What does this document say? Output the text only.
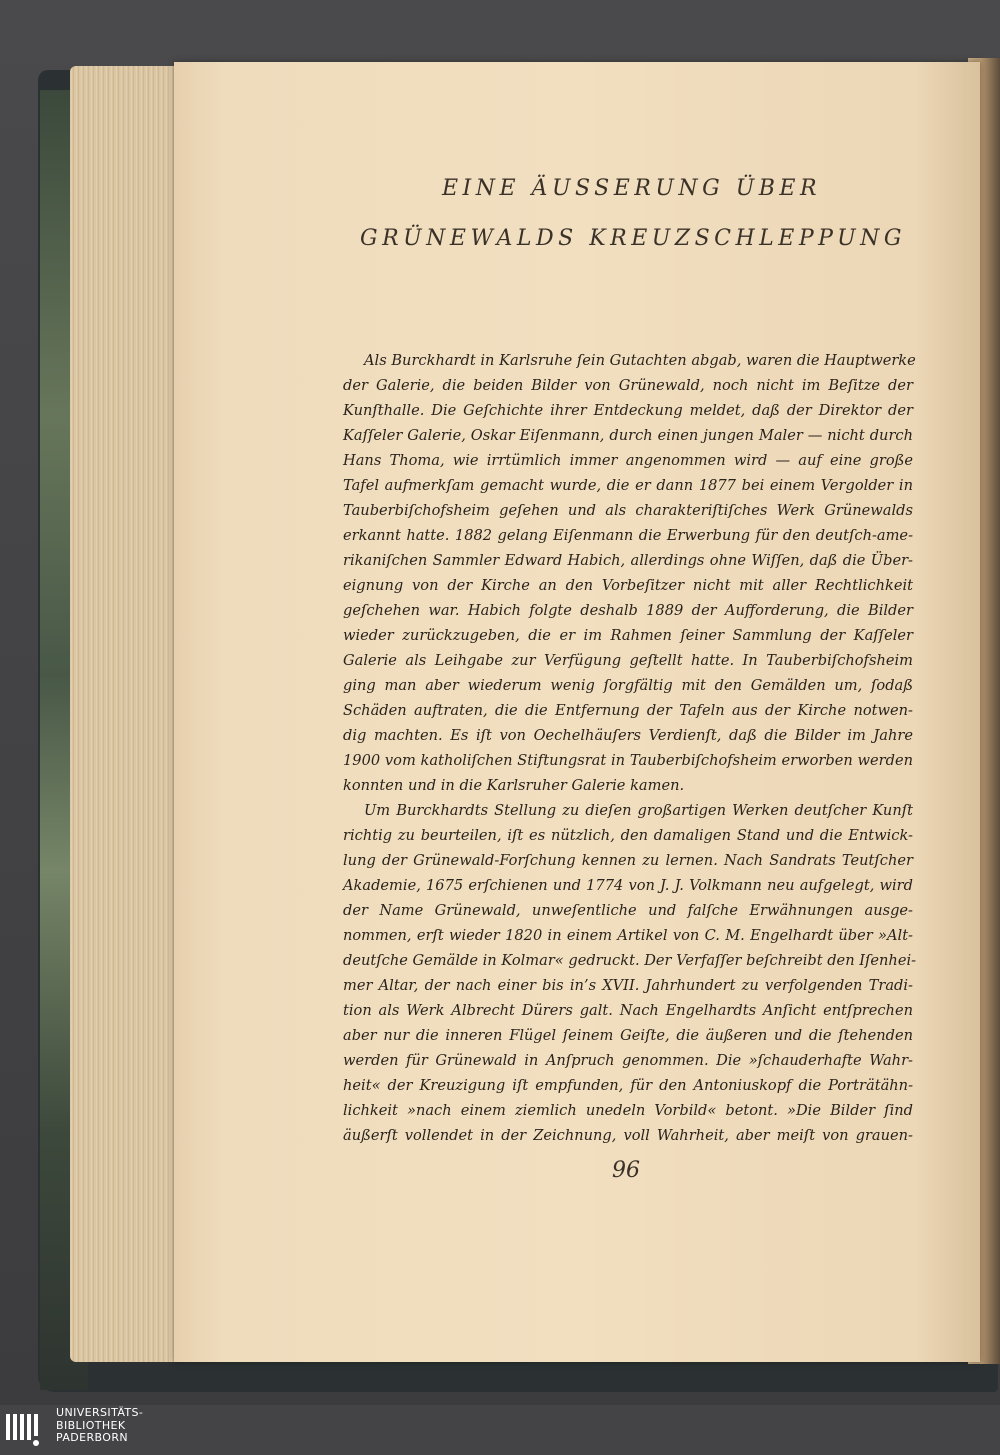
EINE ÄUSSERUNG ÜBER
GRÜNEWALDS KREUZSCHLEPPUNG
Als Burckhardt in Karlsruhe ſein Gutachten abgab, waren die Hauptwerke
der Galerie, die beiden Bilder von Grünewald, noch nicht im Beſitze der
Kunſthalle. Die Geſchichte ihrer Entdeckung meldet, daß der Direktor der
Kaſſeler Galerie, Oskar Eiſenmann, durch einen jungen Maler — nicht durch
Hans Thoma, wie irrtümlich immer angenommen wird — auf eine große
Tafel aufmerkſam gemacht wurde, die er dann 1877 bei einem Vergolder in
Tauberbiſchofsheim geſehen und als charakteriſtiſches Werk Grünewalds
erkannt hatte. 1882 gelang Eiſenmann die Erwerbung für den deutſch-ame-
rikaniſchen Sammler Edward Habich, allerdings ohne Wiſſen, daß die Über-
eignung von der Kirche an den Vorbeſitzer nicht mit aller Rechtlichkeit
geſchehen war. Habich folgte deshalb 1889 der Aufforderung, die Bilder
wieder zurückzugeben, die er im Rahmen ſeiner Sammlung der Kaſſeler
Galerie als Leihgabe zur Verfügung geſtellt hatte. In Tauberbiſchofsheim
ging man aber wiederum wenig ſorgfältig mit den Gemälden um, ſodaß
Schäden auftraten, die die Entfernung der Tafeln aus der Kirche notwen-
dig machten. Es iſt von Oechelhäuſers Verdienſt, daß die Bilder im Jahre
1900 vom katholiſchen Stiftungsrat in Tauberbiſchofsheim erworben werden
konnten und in die Karlsruher Galerie kamen.
Um Burckhardts Stellung zu dieſen großartigen Werken deutſcher Kunſt
richtig zu beurteilen, iſt es nützlich, den damaligen Stand und die Entwick-
lung der Grünewald-Forſchung kennen zu lernen. Nach Sandrats Teutſcher
Akademie, 1675 erſchienen und 1774 von J. J. Volkmann neu aufgelegt, wird
der Name Grünewald, unweſentliche und falſche Erwähnungen ausge-
nommen, erſt wieder 1820 in einem Artikel von C. M. Engelhardt über »Alt-
deutſche Gemälde in Kolmar« gedruckt. Der Verfaſſer beſchreibt den Iſenhei-
mer Altar, der nach einer bis in’s XVII. Jahrhundert zu verfolgenden Tradi-
tion als Werk Albrecht Dürers galt. Nach Engelhardts Anſicht entſprechen
aber nur die inneren Flügel ſeinem Geiſte, die äußeren und die ſtehenden
werden für Grünewald in Anſpruch genommen. Die »ſchauderhafte Wahr-
heit« der Kreuzigung iſt empfunden, für den Antoniuskopf die Porträtähn-
lichkeit »nach einem ziemlich unedeln Vorbild« betont. »Die Bilder ſind
äußerſt vollendet in der Zeichnung, voll Wahrheit, aber meiſt von grauen-
96
UNIVERSITÄTS-
BIBLIOTHEK
PADERBORN
